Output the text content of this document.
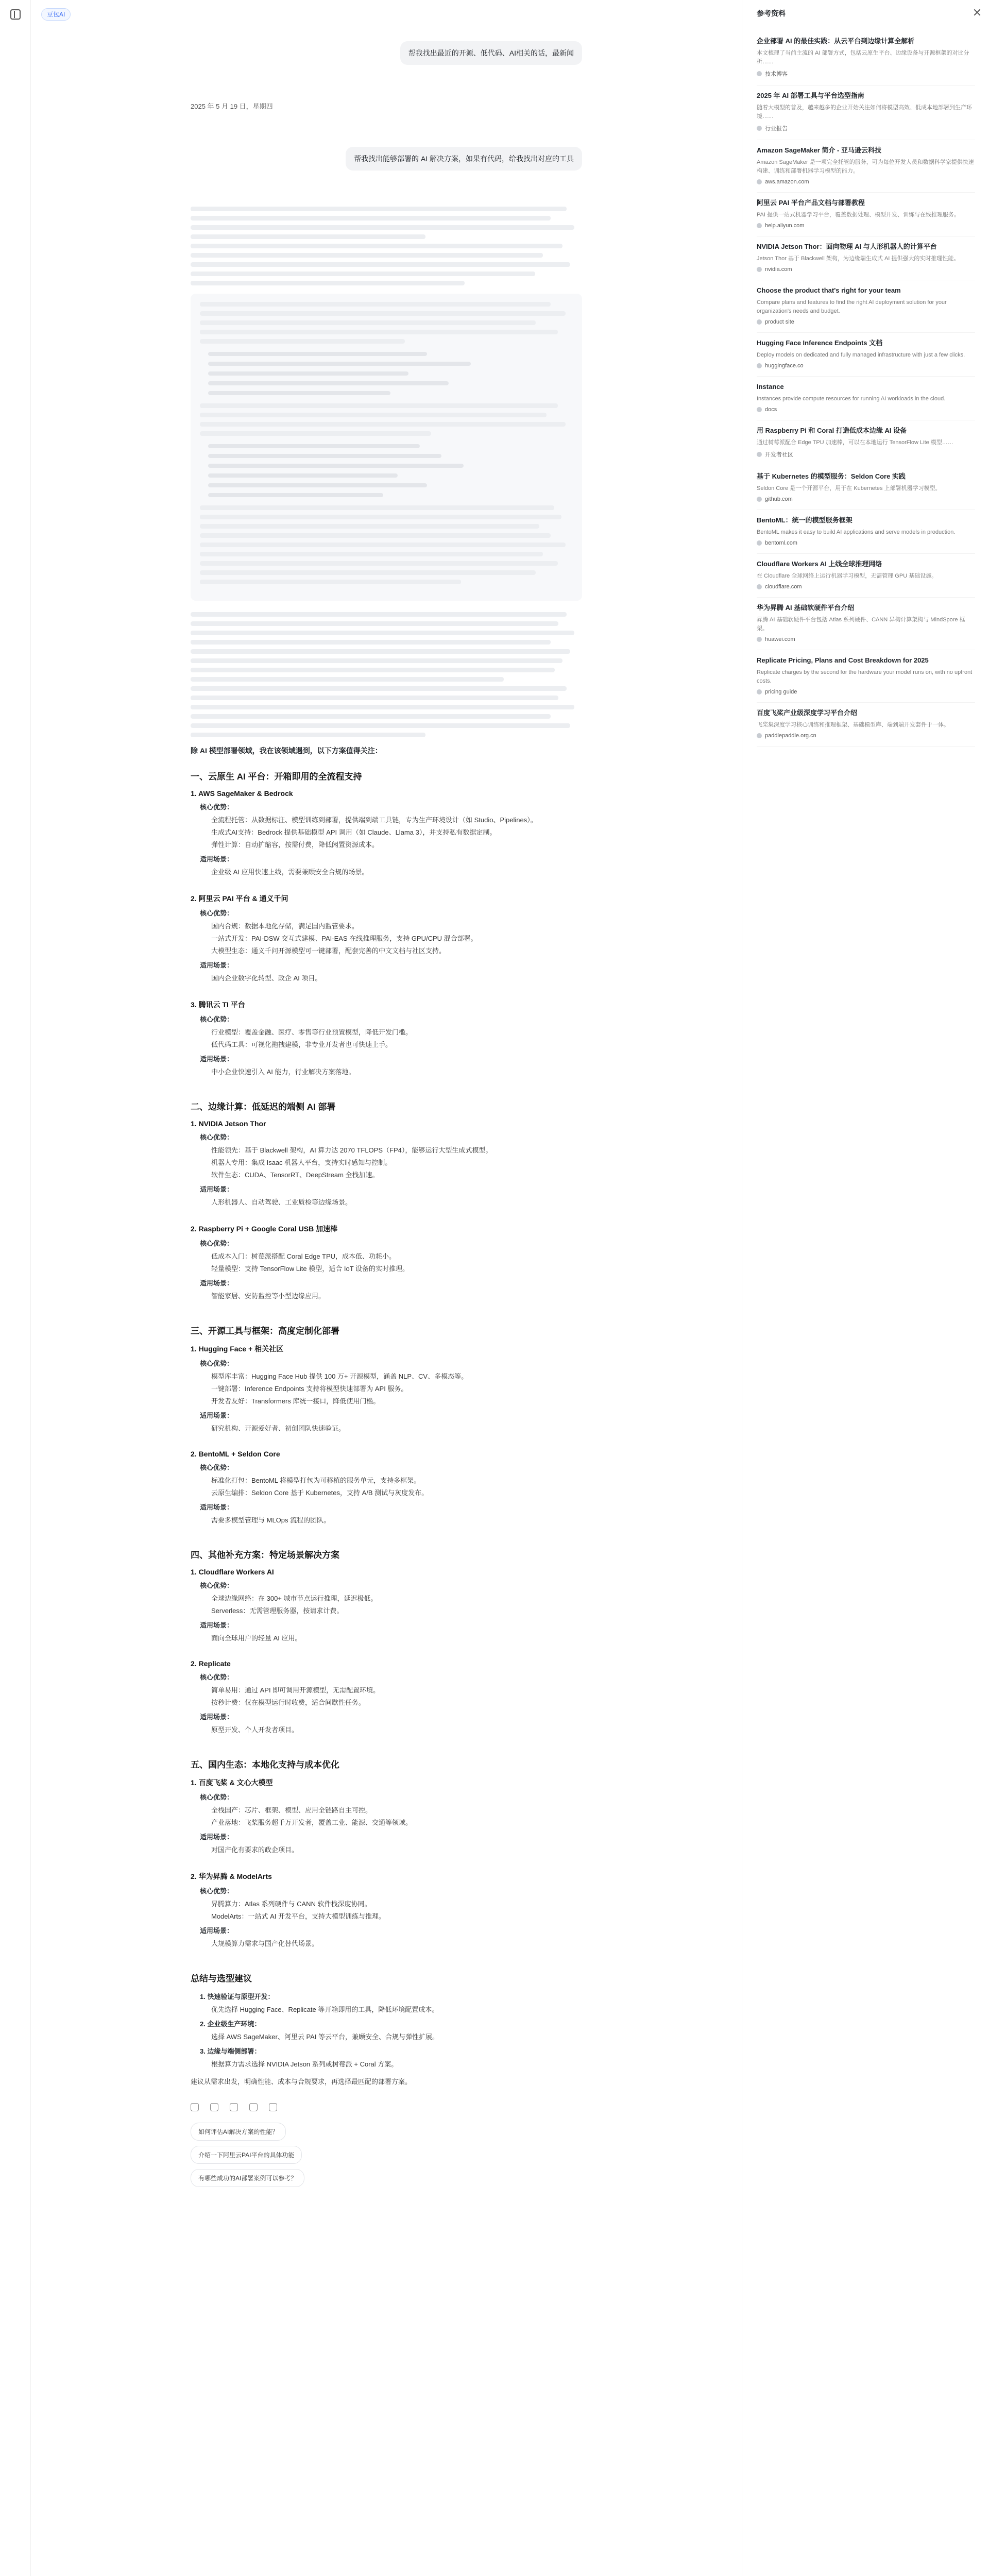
豆包AI
帮我找出最近的开源、低代码、AI相关的话，最新闻
2025 年 5 月 19 日，星期四
帮我找出能够部署的 AI 解决方案，如果有代码，给我找出对应的工具
除 AI 模型部署领域，我在该领域遇到，以下方案值得关注：
一、云原生 AI 平台：开箱即用的全流程支持
1. AWS SageMaker & Bedrock
核心优势：
全流程托管：从数据标注、模型训练到部署，提供端到端工具链，专为生产环境设计（如 Studio、Pipelines）。
生成式AI支持：Bedrock 提供基础模型 API 调用（如 Claude、Llama 3），并支持私有数据定制。
弹性计算：自动扩缩容，按需付费，降低闲置资源成本。
适用场景：
企业级 AI 应用快速上线，需要兼顾安全合规的场景。
2. 阿里云 PAI 平台 & 通义千问
核心优势：
国内合规：数据本地化存储，满足国内监管要求。
一站式开发：PAI-DSW 交互式建模、PAI-EAS 在线推理服务，支持 GPU/CPU 混合部署。
大模型生态：通义千问开源模型可一键部署，配套完善的中文文档与社区支持。
适用场景：
国内企业数字化转型、政企 AI 项目。
3. 腾讯云 TI 平台
核心优势：
行业模型：覆盖金融、医疗、零售等行业预置模型，降低开发门槛。
低代码工具：可视化拖拽建模，非专业开发者也可快速上手。
适用场景：
中小企业快速引入 AI 能力，行业解决方案落地。
二、边缘计算：低延迟的端侧 AI 部署
1. NVIDIA Jetson Thor
核心优势：
性能领先：基于 Blackwell 架构，AI 算力达 2070 TFLOPS（FP4），能够运行大型生成式模型。
机器人专用：集成 Isaac 机器人平台，支持实时感知与控制。
软件生态：CUDA、TensorRT、DeepStream 全栈加速。
适用场景：
人形机器人、自动驾驶、工业质检等边缘场景。
2. Raspberry Pi + Google Coral USB 加速棒
核心优势：
低成本入门：树莓派搭配 Coral Edge TPU，成本低、功耗小。
轻量模型：支持 TensorFlow Lite 模型，适合 IoT 设备的实时推理。
适用场景：
智能家居、安防监控等小型边缘应用。
三、开源工具与框架：高度定制化部署
1. Hugging Face + 相关社区
核心优势：
模型库丰富：Hugging Face Hub 提供 100 万+ 开源模型，涵盖 NLP、CV、多模态等。
一键部署：Inference Endpoints 支持将模型快速部署为 API 服务。
开发者友好：Transformers 库统一接口，降低使用门槛。
适用场景：
研究机构、开源爱好者、初创团队快速验证。
2. BentoML + Seldon Core
核心优势：
标准化打包：BentoML 将模型打包为可移植的服务单元，支持多框架。
云原生编排：Seldon Core 基于 Kubernetes，支持 A/B 测试与灰度发布。
适用场景：
需要多模型管理与 MLOps 流程的团队。
四、其他补充方案：特定场景解决方案
1. Cloudflare Workers AI
核心优势：
全球边缘网络：在 300+ 城市节点运行推理，延迟极低。
Serverless：无需管理服务器，按请求计费。
适用场景：
面向全球用户的轻量 AI 应用。
2. Replicate
核心优势：
简单易用：通过 API 即可调用开源模型，无需配置环境。
按秒计费：仅在模型运行时收费，适合间歇性任务。
适用场景：
原型开发、个人开发者项目。
五、国内生态：本地化支持与成本优化
1. 百度飞桨 & 文心大模型
核心优势：
全栈国产：芯片、框架、模型、应用全链路自主可控。
产业落地：飞桨服务超千万开发者，覆盖工业、能源、交通等领域。
适用场景：
对国产化有要求的政企项目。
2. 华为昇腾 & ModelArts
核心优势：
昇腾算力：Atlas 系列硬件与 CANN 软件栈深度协同。
ModelArts：一站式 AI 开发平台，支持大模型训练与推理。
适用场景：
大规模算力需求与国产化替代场景。
总结与选型建议
1. 快速验证与原型开发：
优先选择 Hugging Face、Replicate 等开箱即用的工具，降低环境配置成本。
2. 企业级生产环境：
选择 AWS SageMaker、阿里云 PAI 等云平台，兼顾安全、合规与弹性扩展。
3. 边缘与端侧部署：
根据算力需求选择 NVIDIA Jetson 系列或树莓派 + Coral 方案。
建议从需求出发，明确性能、成本与合规要求，再选择最匹配的部署方案。
如何评估AI解决方案的性能？
介绍一下阿里云PAI平台的具体功能
有哪些成功的AI部署案例可以参考？
参考资料
企业部署 AI 的最佳实践：从云平台到边缘计算全解析
本文梳理了当前主流的 AI 部署方式，包括云原生平台、边缘设备与开源框架的对比分析……
技术博客
2025 年 AI 部署工具与平台选型指南
随着大模型的普及，越来越多的企业开始关注如何将模型高效、低成本地部署到生产环境……
行业报告
Amazon SageMaker 简介 - 亚马逊云科技
Amazon SageMaker 是一项完全托管的服务，可为每位开发人员和数据科学家提供快速构建、训练和部署机器学习模型的能力。
aws.amazon.com
阿里云 PAI 平台产品文档与部署教程
PAI 提供一站式机器学习平台，覆盖数据处理、模型开发、训练与在线推理服务。
help.aliyun.com
NVIDIA Jetson Thor：面向物理 AI 与人形机器人的计算平台
Jetson Thor 基于 Blackwell 架构，为边缘端生成式 AI 提供强大的实时推理性能。
nvidia.com
Choose the product that's right for your team
Compare plans and features to find the right AI deployment solution for your organization's needs and budget.
product site
Hugging Face Inference Endpoints 文档
Deploy models on dedicated and fully managed infrastructure with just a few clicks.
huggingface.co
Instance
Instances provide compute resources for running AI workloads in the cloud.
docs
用 Raspberry Pi 和 Coral 打造低成本边缘 AI 设备
通过树莓派配合 Edge TPU 加速棒，可以在本地运行 TensorFlow Lite 模型……
开发者社区
基于 Kubernetes 的模型服务：Seldon Core 实践
Seldon Core 是一个开源平台，用于在 Kubernetes 上部署机器学习模型。
github.com
BentoML：统一的模型服务框架
BentoML makes it easy to build AI applications and serve models in production.
bentoml.com
Cloudflare Workers AI 上线全球推理网络
在 Cloudflare 全球网络上运行机器学习模型，无需管理 GPU 基础设施。
cloudflare.com
华为昇腾 AI 基础软硬件平台介绍
昇腾 AI 基础软硬件平台包括 Atlas 系列硬件、CANN 异构计算架构与 MindSpore 框架。
huawei.com
Replicate Pricing, Plans and Cost Breakdown for 2025
Replicate charges by the second for the hardware your model runs on, with no upfront costs.
pricing guide
百度飞桨产业级深度学习平台介绍
飞桨集深度学习核心训练和推理框架、基础模型库、端到端开发套件于一体。
paddlepaddle.org.cn
